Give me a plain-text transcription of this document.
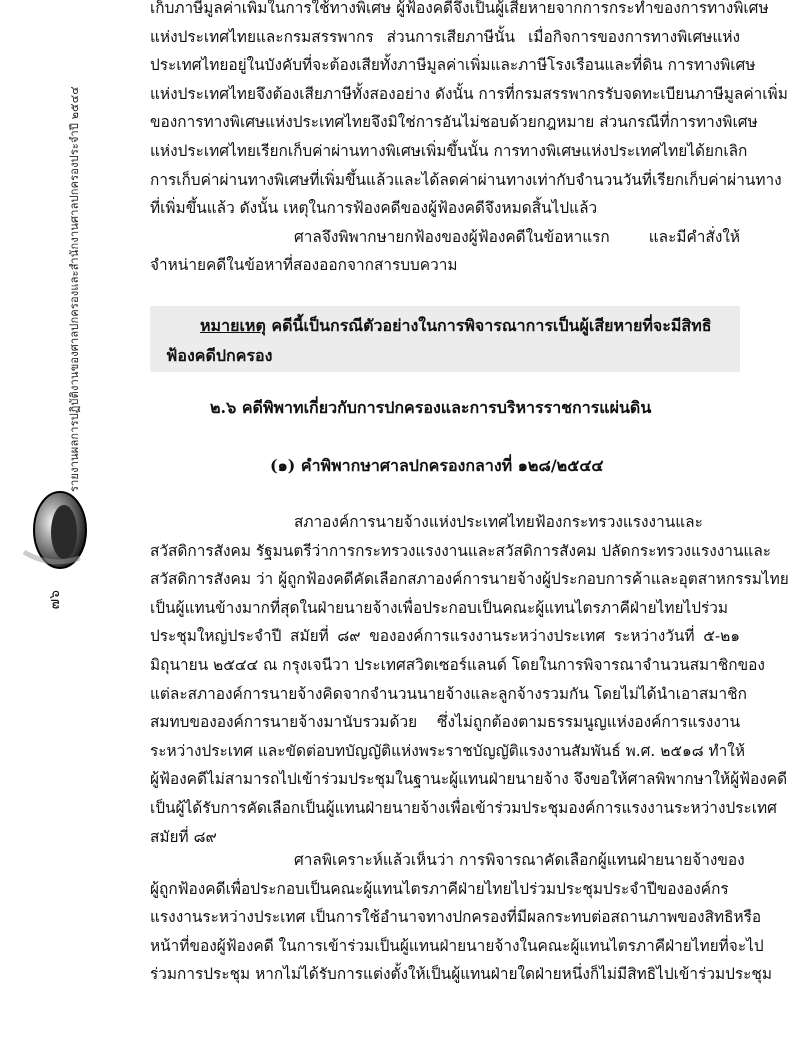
รายงานผลการปฏิบัติงานของศาลปกครองและสำนักงานศาลปกครองประจำปี ๒๕๔๔
๗๖
เก็บภาษีมูลค่าเพิ่มในการใช้ทางพิเศษ ผู้ฟ้องคดีจึงเป็นผู้เสียหายจากการกระทำของการทางพิเศษ
แห่งประเทศไทยและกรมสรรพากร ส่วนการเสียภาษีนั้น เมื่อกิจการของการทางพิเศษแห่ง
ประเทศไทยอยู่ในบังคับที่จะต้องเสียทั้งภาษีมูลค่าเพิ่มและภาษีโรงเรือนและที่ดิน การทางพิเศษ
แห่งประเทศไทยจึงต้องเสียภาษีทั้งสองอย่าง ดังนั้น การที่กรมสรรพากรรับจดทะเบียนภาษีมูลค่าเพิ่ม
ของการทางพิเศษแห่งประเทศไทยจึงมิใช่การอันไม่ชอบด้วยกฎหมาย ส่วนกรณีที่การทางพิเศษ
แห่งประเทศไทยเรียกเก็บค่าผ่านทางพิเศษเพิ่มขึ้นนั้น การทางพิเศษแห่งประเทศไทยได้ยกเลิก
การเก็บค่าผ่านทางพิเศษที่เพิ่มขึ้นแล้วและได้ลดค่าผ่านทางเท่ากับจำนวนวันที่เรียกเก็บค่าผ่านทาง
ที่เพิ่มขึ้นแล้ว ดังนั้น เหตุในการฟ้องคดีของผู้ฟ้องคดีจึงหมดสิ้นไปแล้ว
ศาลจึงพิพากษายกฟ้องของผู้ฟ้องคดีในข้อหาแรก และมีคำสั่งให้
จำหน่ายคดีในข้อหาที่สองออกจากสารบบความ
หมายเหตุ คดีนี้เป็นกรณีตัวอย่างในการพิจารณาการเป็นผู้เสียหายที่จะมีสิทธิ
ฟ้องคดีปกครอง
๒.๖ คดีพิพาทเกี่ยวกับการปกครองและการบริหารราชการแผ่นดิน
(๑) คำพิพากษาศาลปกครองกลางที่ ๑๒๘/๒๕๔๔
สภาองค์การนายจ้างแห่งประเทศไทยฟ้องกระทรวงแรงงานและ
สวัสดิการสังคม รัฐมนตรีว่าการกระทรวงแรงงานและสวัสดิการสังคม ปลัดกระทรวงแรงงานและ
สวัสดิการสังคม ว่า ผู้ถูกฟ้องคดีคัดเลือกสภาองค์การนายจ้างผู้ประกอบการค้าและอุตสาหกรรมไทย
เป็นผู้แทนข้างมากที่สุดในฝ่ายนายจ้างเพื่อประกอบเป็นคณะผู้แทนไตรภาคีฝ่ายไทยไปร่วม
ประชุมใหญ่ประจำปี สมัยที่ ๘๙ ขององค์การแรงงานระหว่างประเทศ ระหว่างวันที่ ๕-๒๑
มิถุนายน ๒๕๔๔ ณ กรุงเจนีวา ประเทศสวิตเซอร์แลนด์ โดยในการพิจารณาจำนวนสมาชิกของ
แต่ละสภาองค์การนายจ้างคิดจากจำนวนนายจ้างและลูกจ้างรวมกัน โดยไม่ได้นำเอาสมาชิก
สมทบขององค์การนายจ้างมานับรวมด้วย ซึ่งไม่ถูกต้องตามธรรมนูญแห่งองค์การแรงงาน
ระหว่างประเทศ และขัดต่อบทบัญญัติแห่งพระราชบัญญัติแรงงานสัมพันธ์ พ.ศ. ๒๕๑๘ ทำให้
ผู้ฟ้องคดีไม่สามารถไปเข้าร่วมประชุมในฐานะผู้แทนฝ่ายนายจ้าง จึงขอให้ศาลพิพากษาให้ผู้ฟ้องคดี
เป็นผู้ได้รับการคัดเลือกเป็นผู้แทนฝ่ายนายจ้างเพื่อเข้าร่วมประชุมองค์การแรงงานระหว่างประเทศ
สมัยที่ ๘๙
ศาลพิเคราะห์แล้วเห็นว่า การพิจารณาคัดเลือกผู้แทนฝ่ายนายจ้างของ
ผู้ถูกฟ้องคดีเพื่อประกอบเป็นคณะผู้แทนไตรภาคีฝ่ายไทยไปร่วมประชุมประจำปีขององค์กร
แรงงานระหว่างประเทศ เป็นการใช้อำนาจทางปกครองที่มีผลกระทบต่อสถานภาพของสิทธิหรือ
หน้าที่ของผู้ฟ้องคดี ในการเข้าร่วมเป็นผู้แทนฝ่ายนายจ้างในคณะผู้แทนไตรภาคีฝ่ายไทยที่จะไป
ร่วมการประชุม หากไม่ได้รับการแต่งตั้งให้เป็นผู้แทนฝ่ายใดฝ่ายหนึ่งก็ไม่มีสิทธิไปเข้าร่วมประชุม
